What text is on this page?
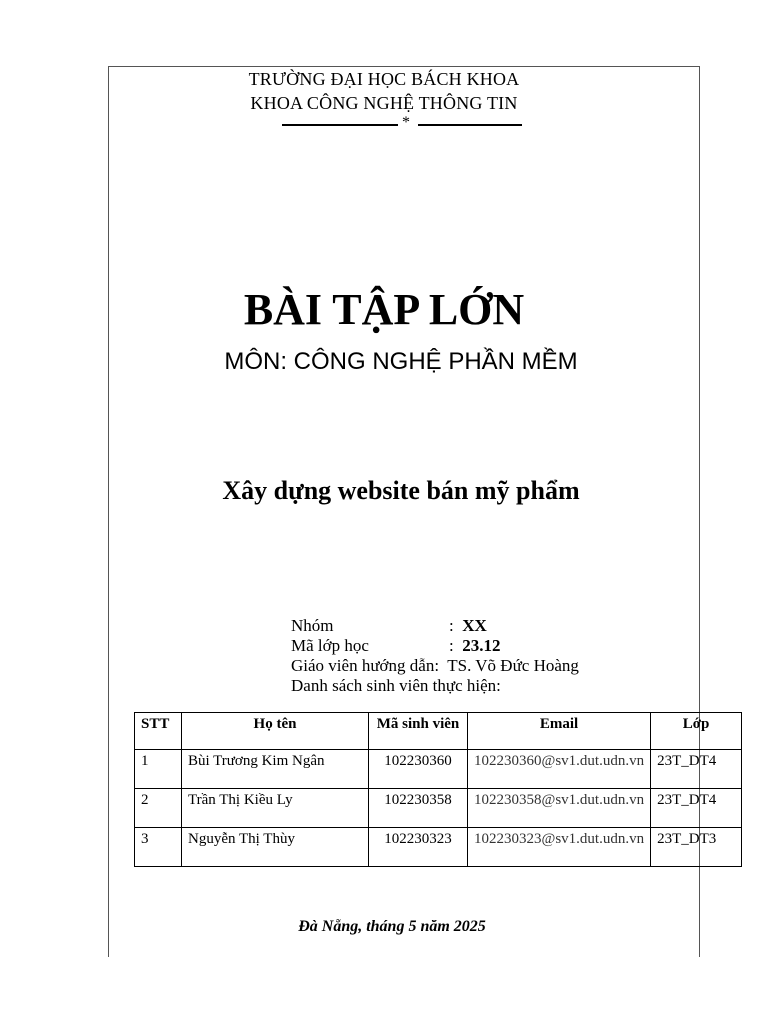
TRƯỜNG ĐẠI HỌC BÁCH KHOA
KHOA CÔNG NGHỆ THÔNG TIN
*
BÀI TẬP LỚN
MÔN: CÔNG NGHỆ PHẦN MỀM
Xây dựng website bán mỹ phẩm
Nhóm	:  XX
Mã lớp học	:  23.12
Giáo viên hướng dẫn:  TS. Võ Đức Hoàng
Danh sách sinh viên thực hiện:
STT	Họ tên	Mã sinh viên	Email	Lớp
1	Bùi Trương Kim Ngân	102230360	102230360@sv1.dut.udn.vn	23T_DT4
2	Trần Thị Kiều Ly	102230358	102230358@sv1.dut.udn.vn	23T_DT4
3	Nguyễn Thị Thùy	102230323	102230323@sv1.dut.udn.vn	23T_DT3
Đà Nẵng, tháng 5 năm 2025
